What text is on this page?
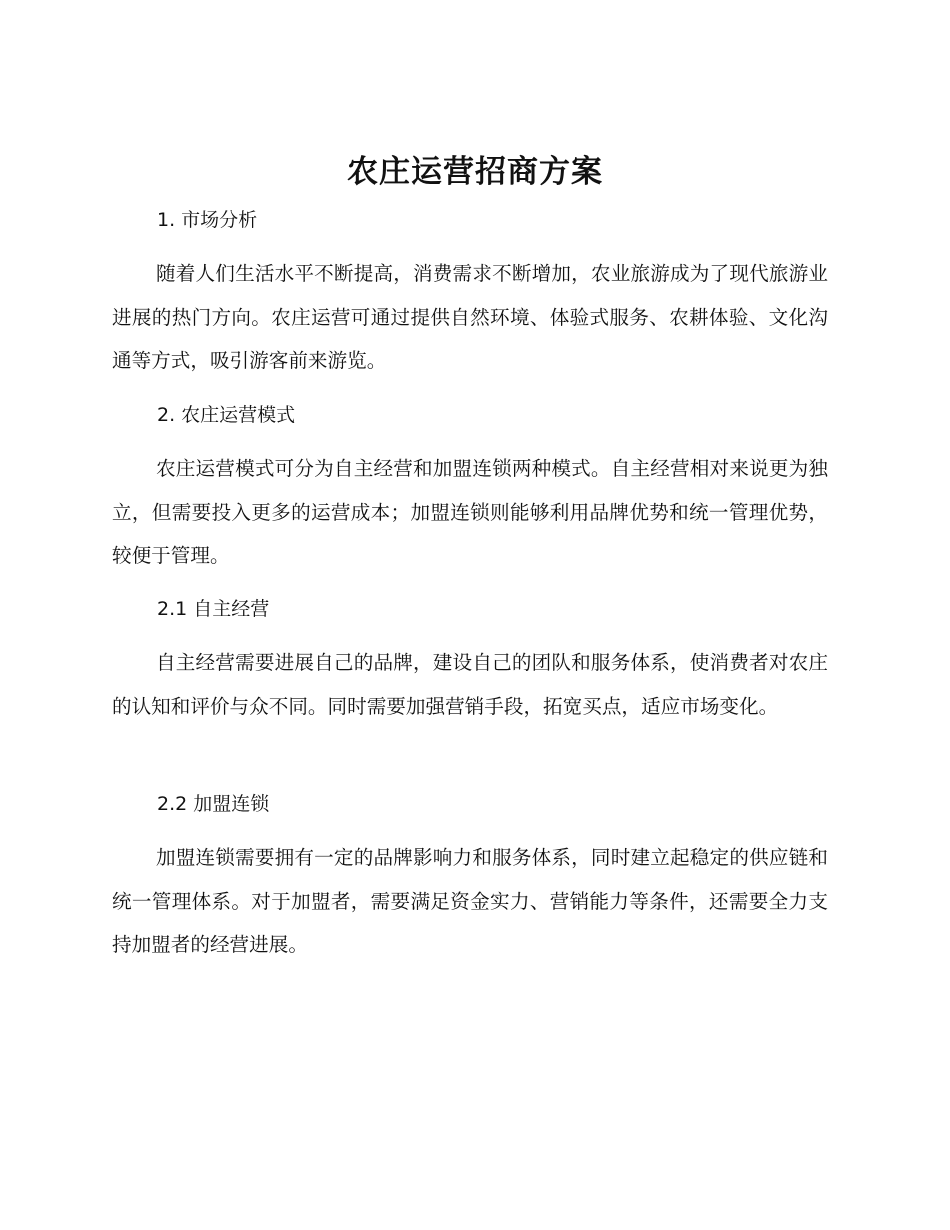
农庄运营招商方案
1. 市场分析

随着人们生活水平不断提高，消费需求不断增加，农业旅游成为了现代旅游业进展的热门方向。农庄运营可通过提供自然环境、体验式服务、农耕体验、文化沟通等方式，吸引游客前来游览。

2. 农庄运营模式

农庄运营模式可分为自主经营和加盟连锁两种模式。自主经营相对来说更为独立，但需要投入更多的运营成本；加盟连锁则能够利用品牌优势和统一管理优势，较便于管理。

2.1 自主经营

自主经营需要进展自己的品牌，建设自己的团队和服务体系，使消费者对农庄的认知和评价与众不同。同时需要加强营销手段，拓宽买点，适应市场变化。

2.2 加盟连锁

加盟连锁需要拥有一定的品牌影响力和服务体系，同时建立起稳定的供应链和统一管理体系。对于加盟者，需要满足资金实力、营销能力等条件，还需要全力支持加盟者的经营进展。
